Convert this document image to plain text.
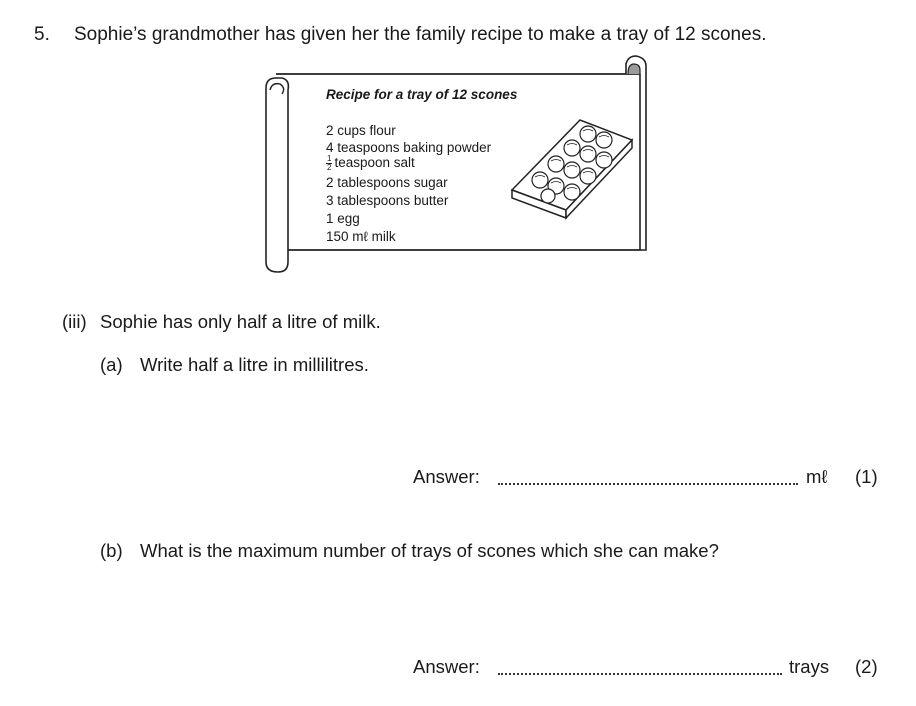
5. Sophie’s grandmother has given her the family recipe to make a tray of 12 scones.
Recipe for a tray of 12 scones
2 cups flour
4 teaspoons baking powder
$\frac{1}{2}$ teaspoon salt
2 tablespoons sugar
3 tablespoons butter
1 egg
150 mℓ milk
(iii) Sophie has only half a litre of milk.
(a) Write half a litre in millilitres.
Answer:	mℓ (1)
(b) What is the maximum number of trays of scones which she can make?
Answer:	trays (2)
